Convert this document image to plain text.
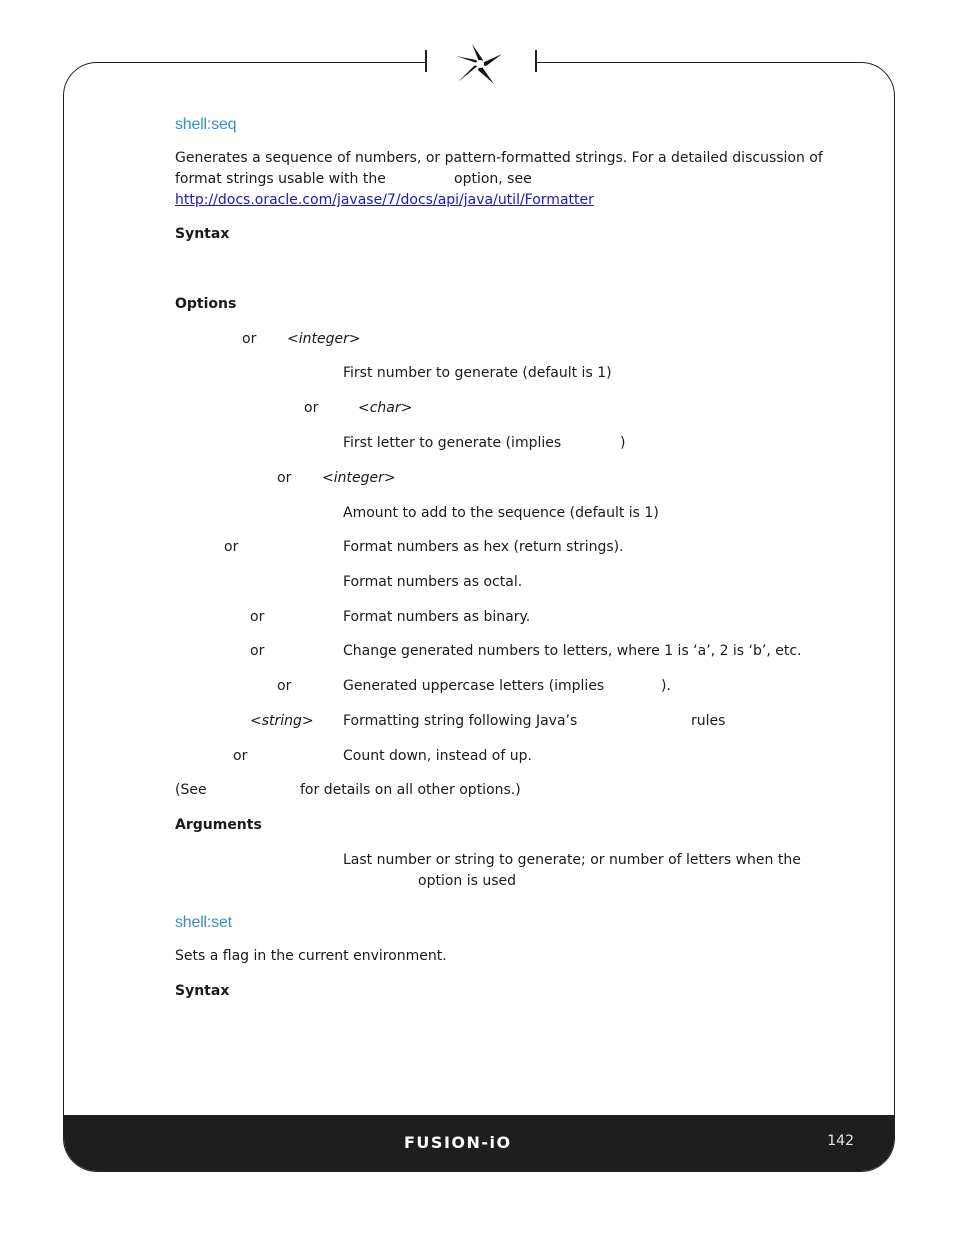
FUSION-iO	142
shell:seq
Generates a sequence of numbers, or pattern-formatted strings. For a detailed discussion of
format strings usable with the	option, see
http://docs.oracle.com/javase/7/docs/api/java/util/Formatter
Syntax
Options
or <integer>
First number to generate (default is 1)
or	<char>
First letter to generate (implies	)
or <integer>
Amount to add to the sequence (default is 1)
or	Format numbers as hex (return strings).
Format numbers as octal.
or	Format numbers as binary.
or	Change generated numbers to letters, where 1 is ‘a’, 2 is ‘b’, etc.
or	Generated uppercase letters (implies	).
<string> Formatting string following Java’s	rules
or	Count down, instead of up.
(See	for details on all other options.)
Arguments
Last number or string to generate; or number of letters when the
option is used
shell:set
Sets a flag in the current environment.
Syntax
